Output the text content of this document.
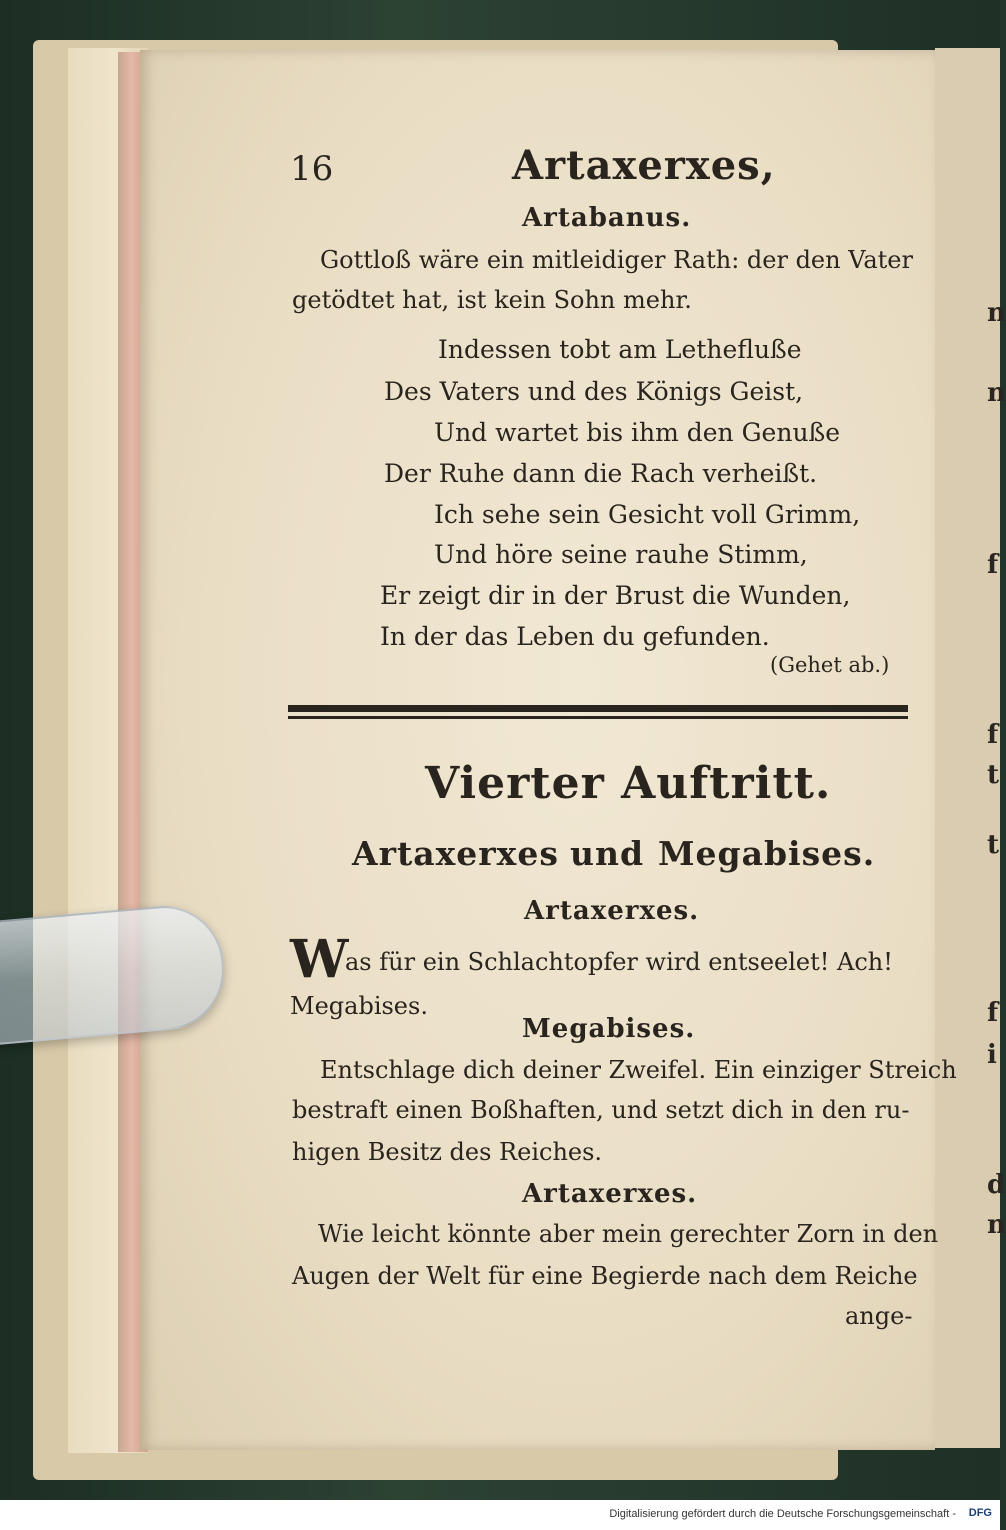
n
n
f
f
t
t
f
i
d
n
16	Artaxerxes,
Artabanus.
Gottloß wäre ein mitleidiger Rath: der den Vater
getödtet hat, ist kein Sohn mehr.
Indessen tobt am Lethefluße
Des Vaters und des Königs Geist,
Und wartet bis ihm den Genuße
Der Ruhe dann die Rach verheißt.
Ich sehe sein Gesicht voll Grimm,
Und höre seine rauhe Stimm,
Er zeigt dir in der Brust die Wunden,
In der das Leben du gefunden.
(Gehet ab.)
Vierter Auftritt.
Artaxerxes und Megabises.
Artaxerxes.
W
as für ein Schlachtopfer wird entseelet! Ach!
Megabises.
Megabises.
Entschlage dich deiner Zweifel. Ein einziger Streich
bestraft einen Boßhaften, und setzt dich in den ru-
higen Besitz des Reiches.
Artaxerxes.
Wie leicht könnte aber mein gerechter Zorn in den
Augen der Welt für eine Begierde nach dem Reiche
ange-
Digitalisierung gefördert durch die Deutsche Forschungsgemeinschaft - DFG
